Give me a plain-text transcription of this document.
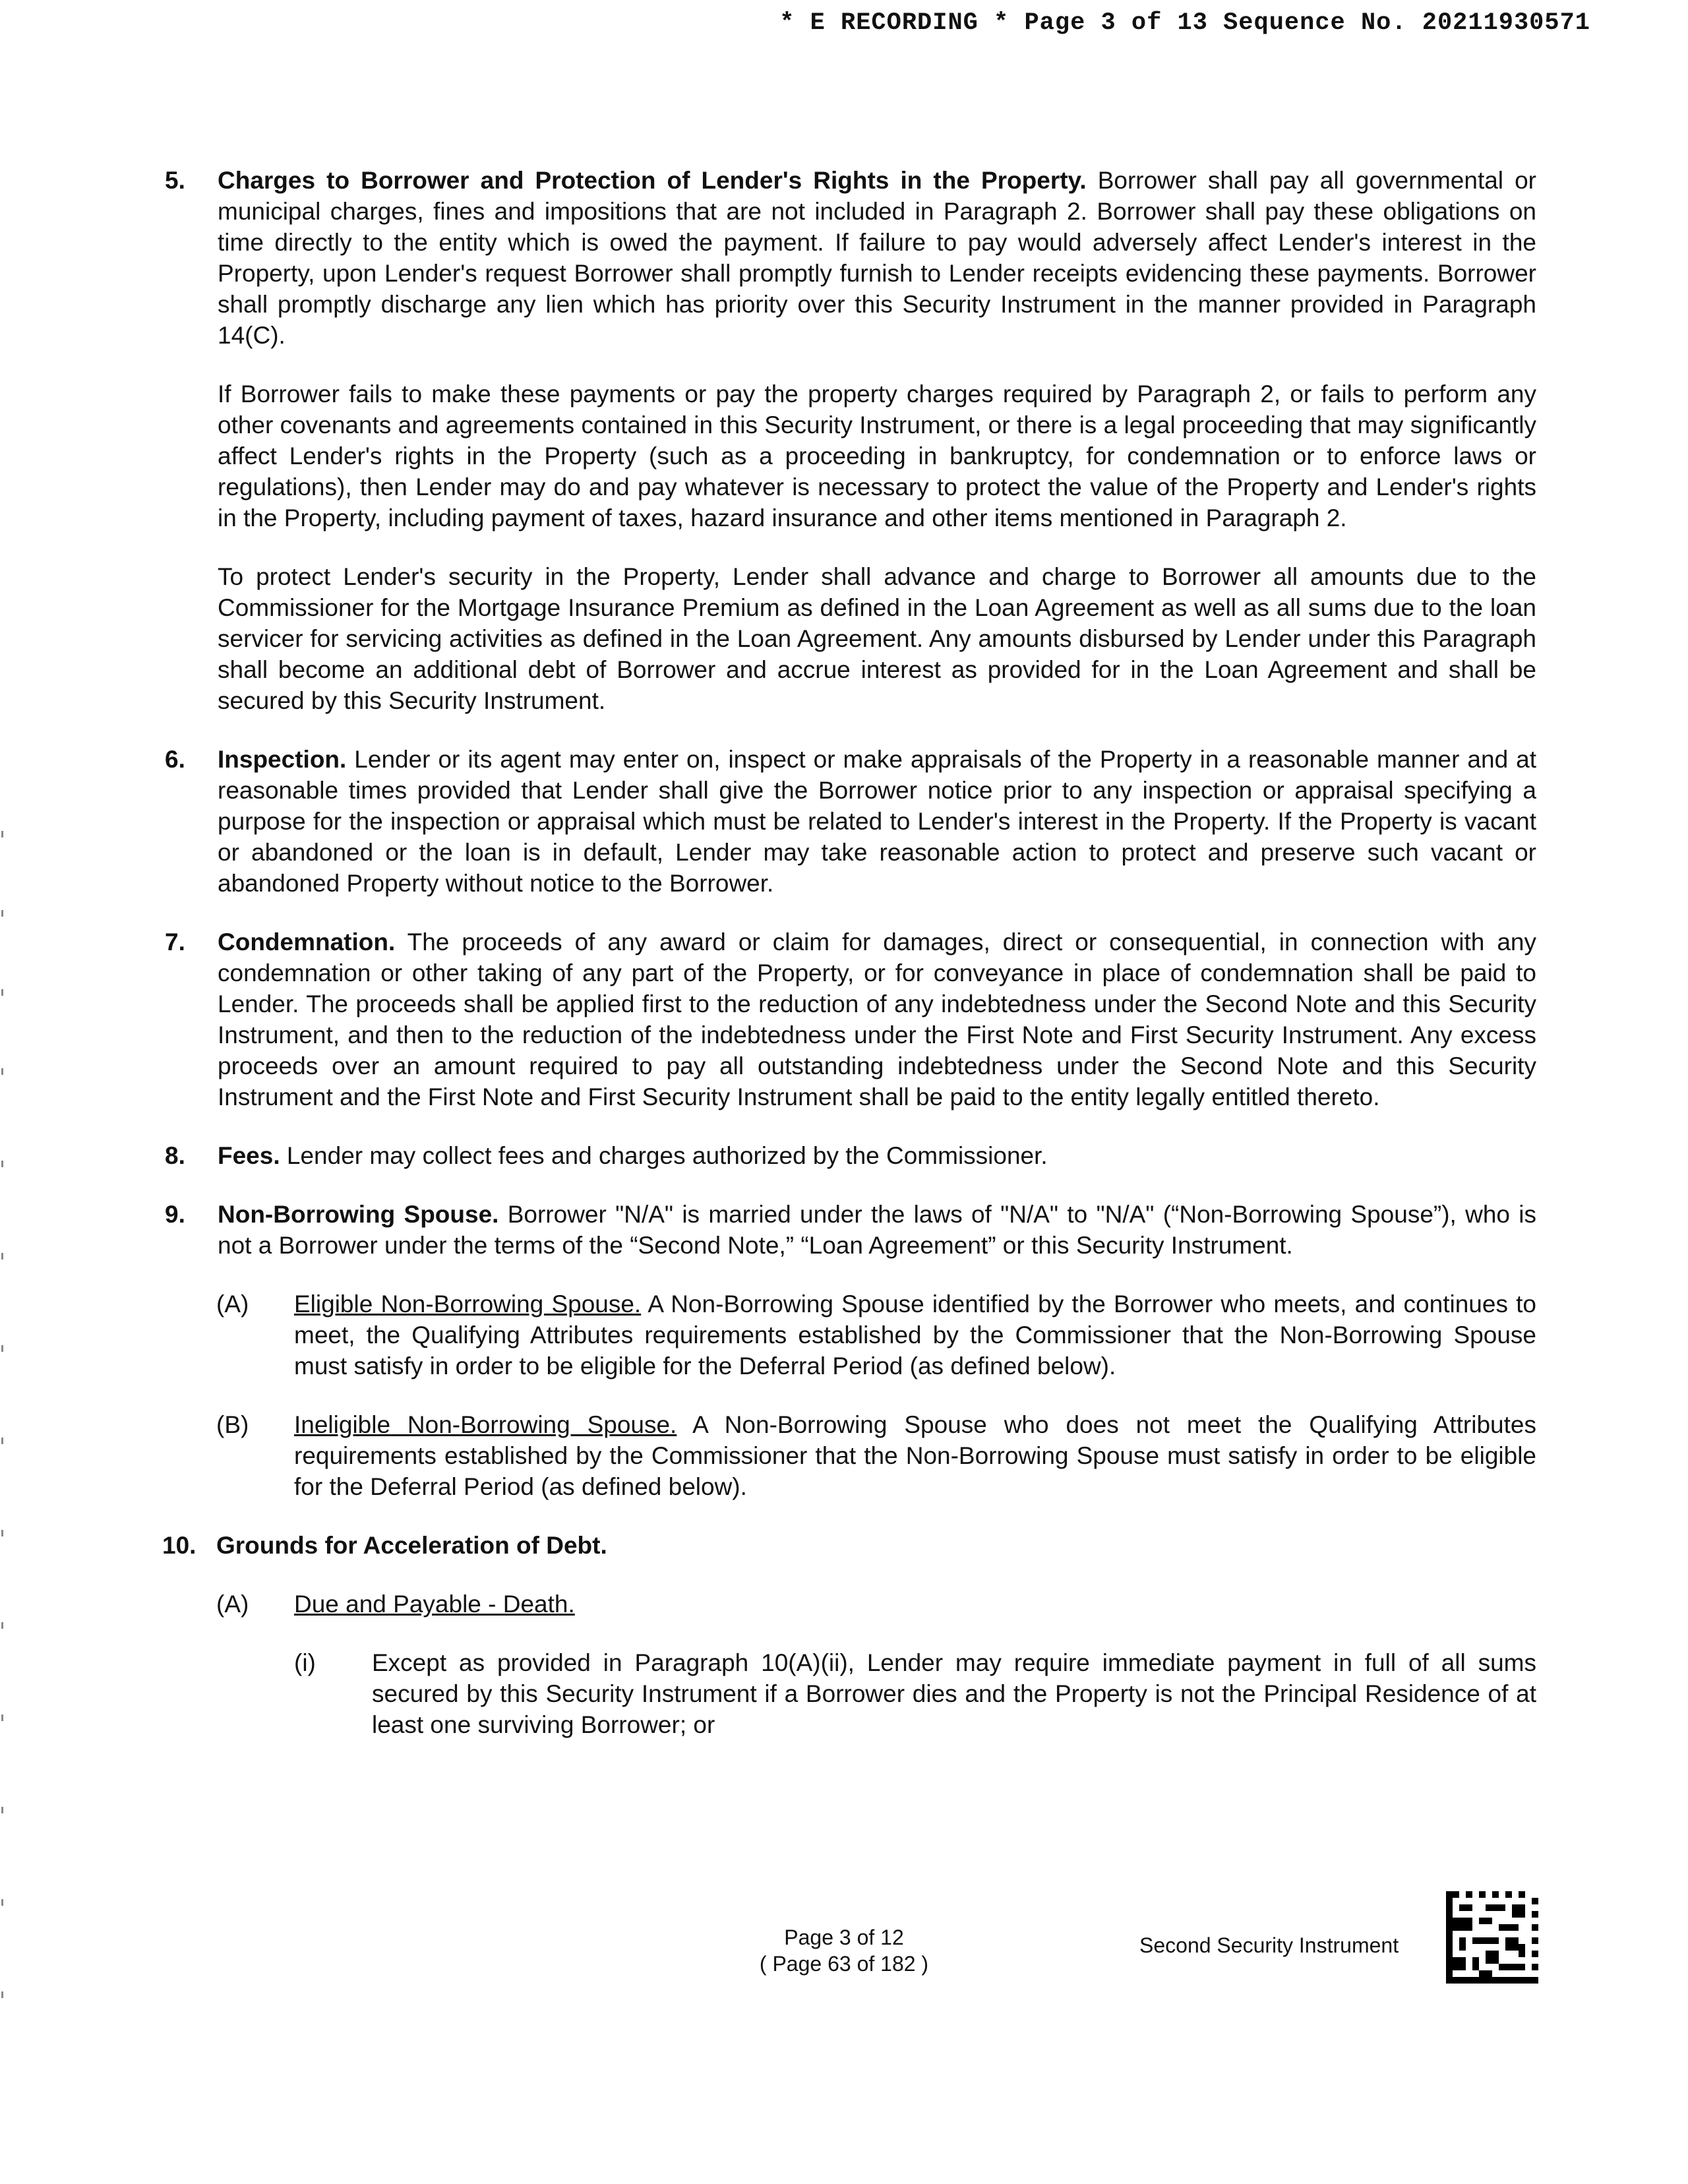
* E RECORDING * Page 3 of 13 Sequence No. 20211930571
5. Charges to Borrower and Protection of Lender's Rights in the Property. Borrower shall pay all governmental or municipal charges, fines and impositions that are not included in Paragraph 2. Borrower shall pay these obligations on time directly to the entity which is owed the payment. If failure to pay would adversely affect Lender's interest in the Property, upon Lender's request Borrower shall promptly furnish to Lender receipts evidencing these payments. Borrower shall promptly discharge any lien which has priority over this Security Instrument in the manner provided in Paragraph 14(C).

If Borrower fails to make these payments or pay the property charges required by Paragraph 2, or fails to perform any other covenants and agreements contained in this Security Instrument, or there is a legal proceeding that may significantly affect Lender's rights in the Property (such as a proceeding in bankruptcy, for condemnation or to enforce laws or regulations), then Lender may do and pay whatever is necessary to protect the value of the Property and Lender's rights in the Property, including payment of taxes, hazard insurance and other items mentioned in Paragraph 2.

To protect Lender's security in the Property, Lender shall advance and charge to Borrower all amounts due to the Commissioner for the Mortgage Insurance Premium as defined in the Loan Agreement as well as all sums due to the loan servicer for servicing activities as defined in the Loan Agreement. Any amounts disbursed by Lender under this Paragraph shall become an additional debt of Borrower and accrue interest as provided for in the Loan Agreement and shall be secured by this Security Instrument.

6. Inspection. Lender or its agent may enter on, inspect or make appraisals of the Property in a reasonable manner and at reasonable times provided that Lender shall give the Borrower notice prior to any inspection or appraisal specifying a purpose for the inspection or appraisal which must be related to Lender's interest in the Property. If the Property is vacant or abandoned or the loan is in default, Lender may take reasonable action to protect and preserve such vacant or abandoned Property without notice to the Borrower.

7. Condemnation. The proceeds of any award or claim for damages, direct or consequential, in connection with any condemnation or other taking of any part of the Property, or for conveyance in place of condemnation shall be paid to Lender. The proceeds shall be applied first to the reduction of any indebtedness under the Second Note and this Security Instrument, and then to the reduction of the indebtedness under the First Note and First Security Instrument. Any excess proceeds over an amount required to pay all outstanding indebtedness under the Second Note and this Security Instrument and the First Note and First Security Instrument shall be paid to the entity legally entitled thereto.

8. Fees. Lender may collect fees and charges authorized by the Commissioner.

9. Non-Borrowing Spouse. Borrower "N/A" is married under the laws of "N/A" to "N/A" (“Non-Borrowing Spouse”), who is not a Borrower under the terms of the “Second Note,” “Loan Agreement” or this Security Instrument.

(A) Eligible Non-Borrowing Spouse. A Non-Borrowing Spouse identified by the Borrower who meets, and continues to meet, the Qualifying Attributes requirements established by the Commissioner that the Non-Borrowing Spouse must satisfy in order to be eligible for the Deferral Period (as defined below).

(B) Ineligible Non-Borrowing Spouse. A Non-Borrowing Spouse who does not meet the Qualifying Attributes requirements established by the Commissioner that the Non-Borrowing Spouse must satisfy in order to be eligible for the Deferral Period (as defined below).

10. Grounds for Acceleration of Debt.
(A) Due and Payable - Death.

(i) Except as provided in Paragraph 10(A)(ii), Lender may require immediate payment in full of all sums secured by this Security Instrument if a Borrower dies and the Property is not the Principal Residence of at least one surviving Borrower; or

Page 3 of 12
( Page 63 of 182 )
Second Security Instrument
